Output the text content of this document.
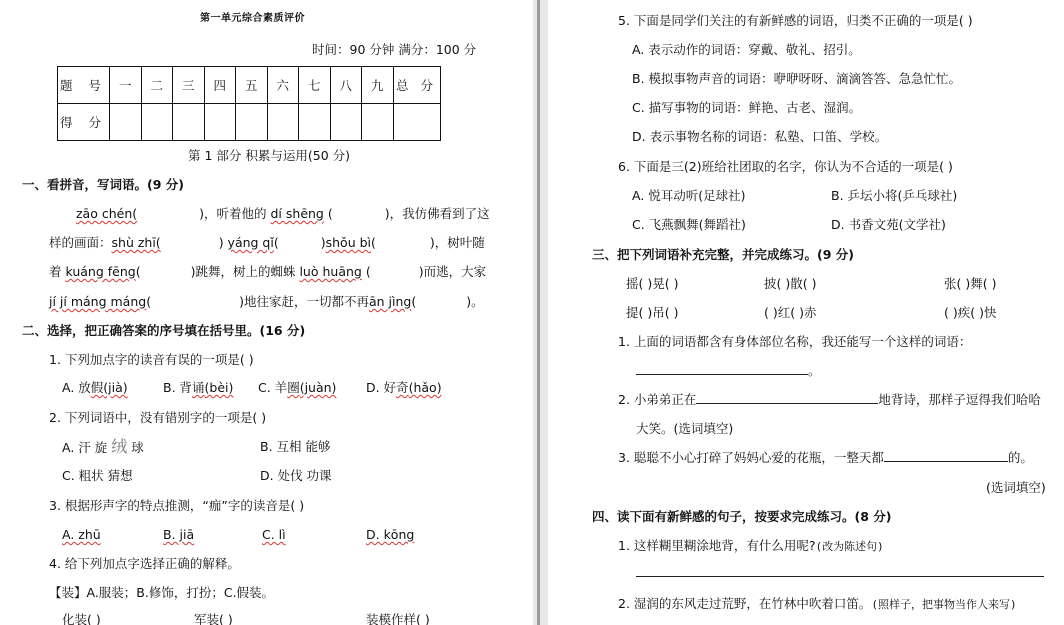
第一单元综合素质评价
时间：90 分钟 满分：100 分
题 号	一	二	三	四	五	六	七	八	九	总 分
得 分										
第 1 部分 积累与运用(50 分)
一、看拼音，写词语。(9 分)
zāo chén(	)，听着他的 dí shēng (	)，我仿佛看到了这
样的画面：shù zhī(	) yáng qǐ(	)shǒu bì(	)，树叶随
着 kuáng fēng(	)跳舞，树上的蜘蛛 luò huāng (	)而逃，大家
jí jí máng máng(	)地往家赶，一切都不再ān jìng(	)。
二、选择，把正确答案的序号填在括号里。(16 分)
1. 下列加点字的读音有误的一项是( )
A. 放假(jià)	B. 背诵(bèi) C. 羊圈(juàn) D. 好奇(hǎo)
2. 下列词语中，没有错别字的一项是( )
A. 汗 旋 绒 球	B. 互相 能够
C. 粗状 猜想	D. 处伐 功课
3. 根据形声字的特点推测，“痂”字的读音是( )
A. zhū	B. jiā	C. lì	D. kōng
4. 给下列加点字选择正确的解释。
【装】A.服装；B.修饰，打扮；C.假装。
化装( )	军装( )	装模作样( )
5. 下面是同学们关注的有新鲜感的词语，归类不正确的一项是( )
A. 表示动作的词语：穿戴、敬礼、招引。
B. 模拟事物声音的词语：咿咿呀呀、滴滴答答、急急忙忙。
C. 描写事物的词语：鲜艳、古老、湿润。
D. 表示事物名称的词语：私塾、口笛、学校。
6. 下面是三(2)班给社团取的名字，你认为不合适的一项是( )
A. 悦耳动听(足球社)	B. 乒坛小将(乒乓球社)
C. 飞燕飘舞(舞蹈社)	D. 书香文苑(文学社)
三、把下列词语补充完整，并完成练习。(9 分)
摇( )晃( )	披( )散( )	张( )舞( )
提( )吊( )	( )红( )赤	( )疾( )快
1. 上面的词语都含有身体部位名称，我还能写一个这样的词语：
。
2. 小弟弟正在	地背诗，那样子逗得我们哈哈
大笑。(选词填空)
3. 聪聪不小心打碎了妈妈心爱的花瓶，一整天都	的。
(选词填空)
四、读下面有新鲜感的句子，按要求完成练习。(8 分)
1. 这样糊里糊涂地背，有什么用呢?(改为陈述句)
2. 湿润的东风走过荒野，在竹林中吹着口笛。(照样子，把事物当作人来写)
